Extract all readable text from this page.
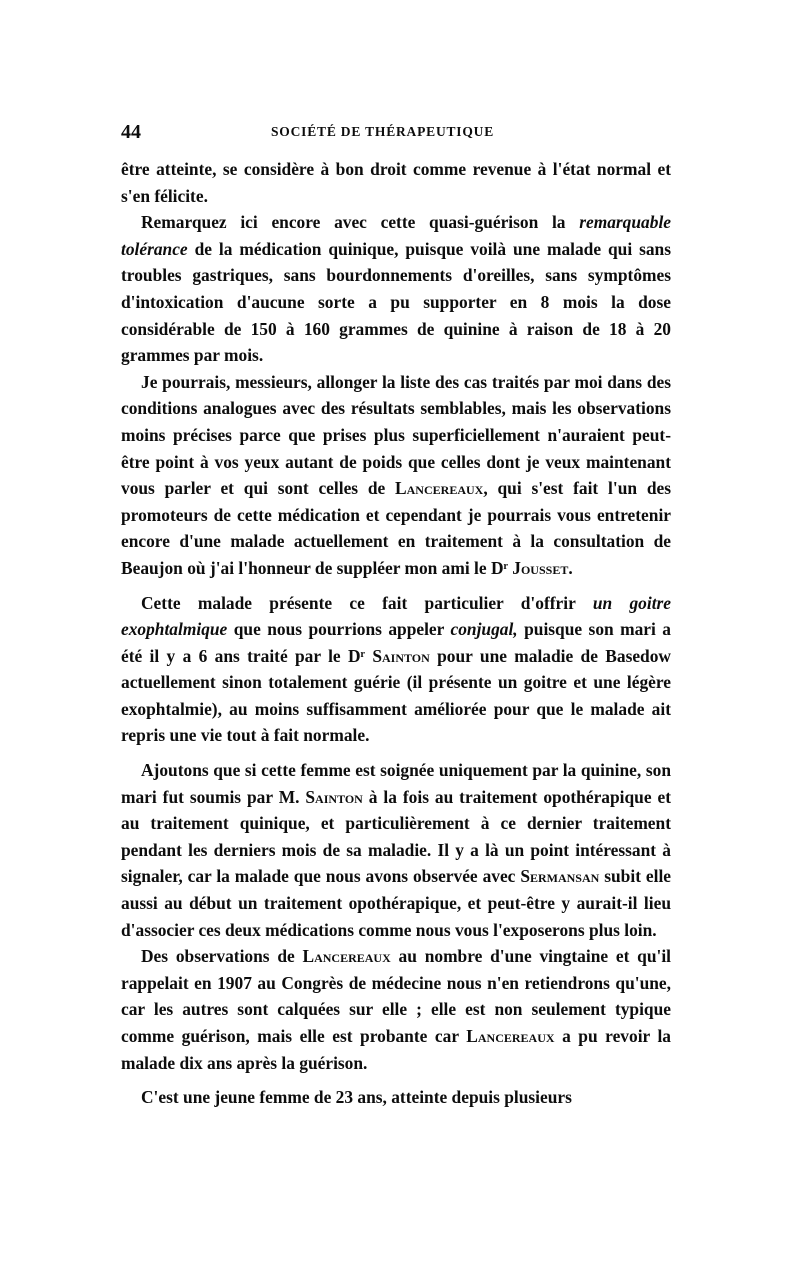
44	SOCIÉTÉ DE THÉRAPEUTIQUE

être atteinte, se considère à bon droit comme revenue à l'état normal et s'en félicite.

Remarquez ici encore avec cette quasi-guérison la remarquable tolérance de la médication quinique, puisque voilà une malade qui sans troubles gastriques, sans bourdonnements d'oreilles, sans symptômes d'intoxication d'aucune sorte a pu supporter en 8 mois la dose considérable de 150 à 160 grammes de quinine à raison de 18 à 20 grammes par mois.

Je pourrais, messieurs, allonger la liste des cas traités par moi dans des conditions analogues avec des résultats semblables, mais les observations moins précises parce que prises plus superficiellement n'auraient peut-être point à vos yeux autant de poids que celles dont je veux maintenant vous parler et qui sont celles de Lancereaux, qui s'est fait l'un des promoteurs de cette médication et cependant je pourrais vous entretenir encore d'une malade actuellement en traitement à la consultation de Beaujon où j'ai l'honneur de suppléer mon ami le Dʳ Jousset.

Cette malade présente ce fait particulier d'offrir un goitre exophtalmique que nous pourrions appeler conjugal, puisque son mari a été il y a 6 ans traité par le Dʳ Sainton pour une maladie de Basedow actuellement sinon totalement guérie (il présente un goitre et une légère exophtalmie), au moins suffisamment améliorée pour que le malade ait repris une vie tout à fait normale.

Ajoutons que si cette femme est soignée uniquement par la quinine, son mari fut soumis par M. Sainton à la fois au traitement opothérapique et au traitement quinique, et particulièrement à ce dernier traitement pendant les derniers mois de sa maladie. Il y a là un point intéressant à signaler, car la malade que nous avons observée avec Sermansan subit elle aussi au début un traitement opothérapique, et peut-être y aurait-il lieu d'associer ces deux médications comme nous vous l'exposerons plus loin.

Des observations de Lancereaux au nombre d'une vingtaine et qu'il rappelait en 1907 au Congrès de médecine nous n'en retiendrons qu'une, car les autres sont calquées sur elle ; elle est non seulement typique comme guérison, mais elle est probante car Lancereaux a pu revoir la malade dix ans après la guérison.

C'est une jeune femme de 23 ans, atteinte depuis plusieurs
